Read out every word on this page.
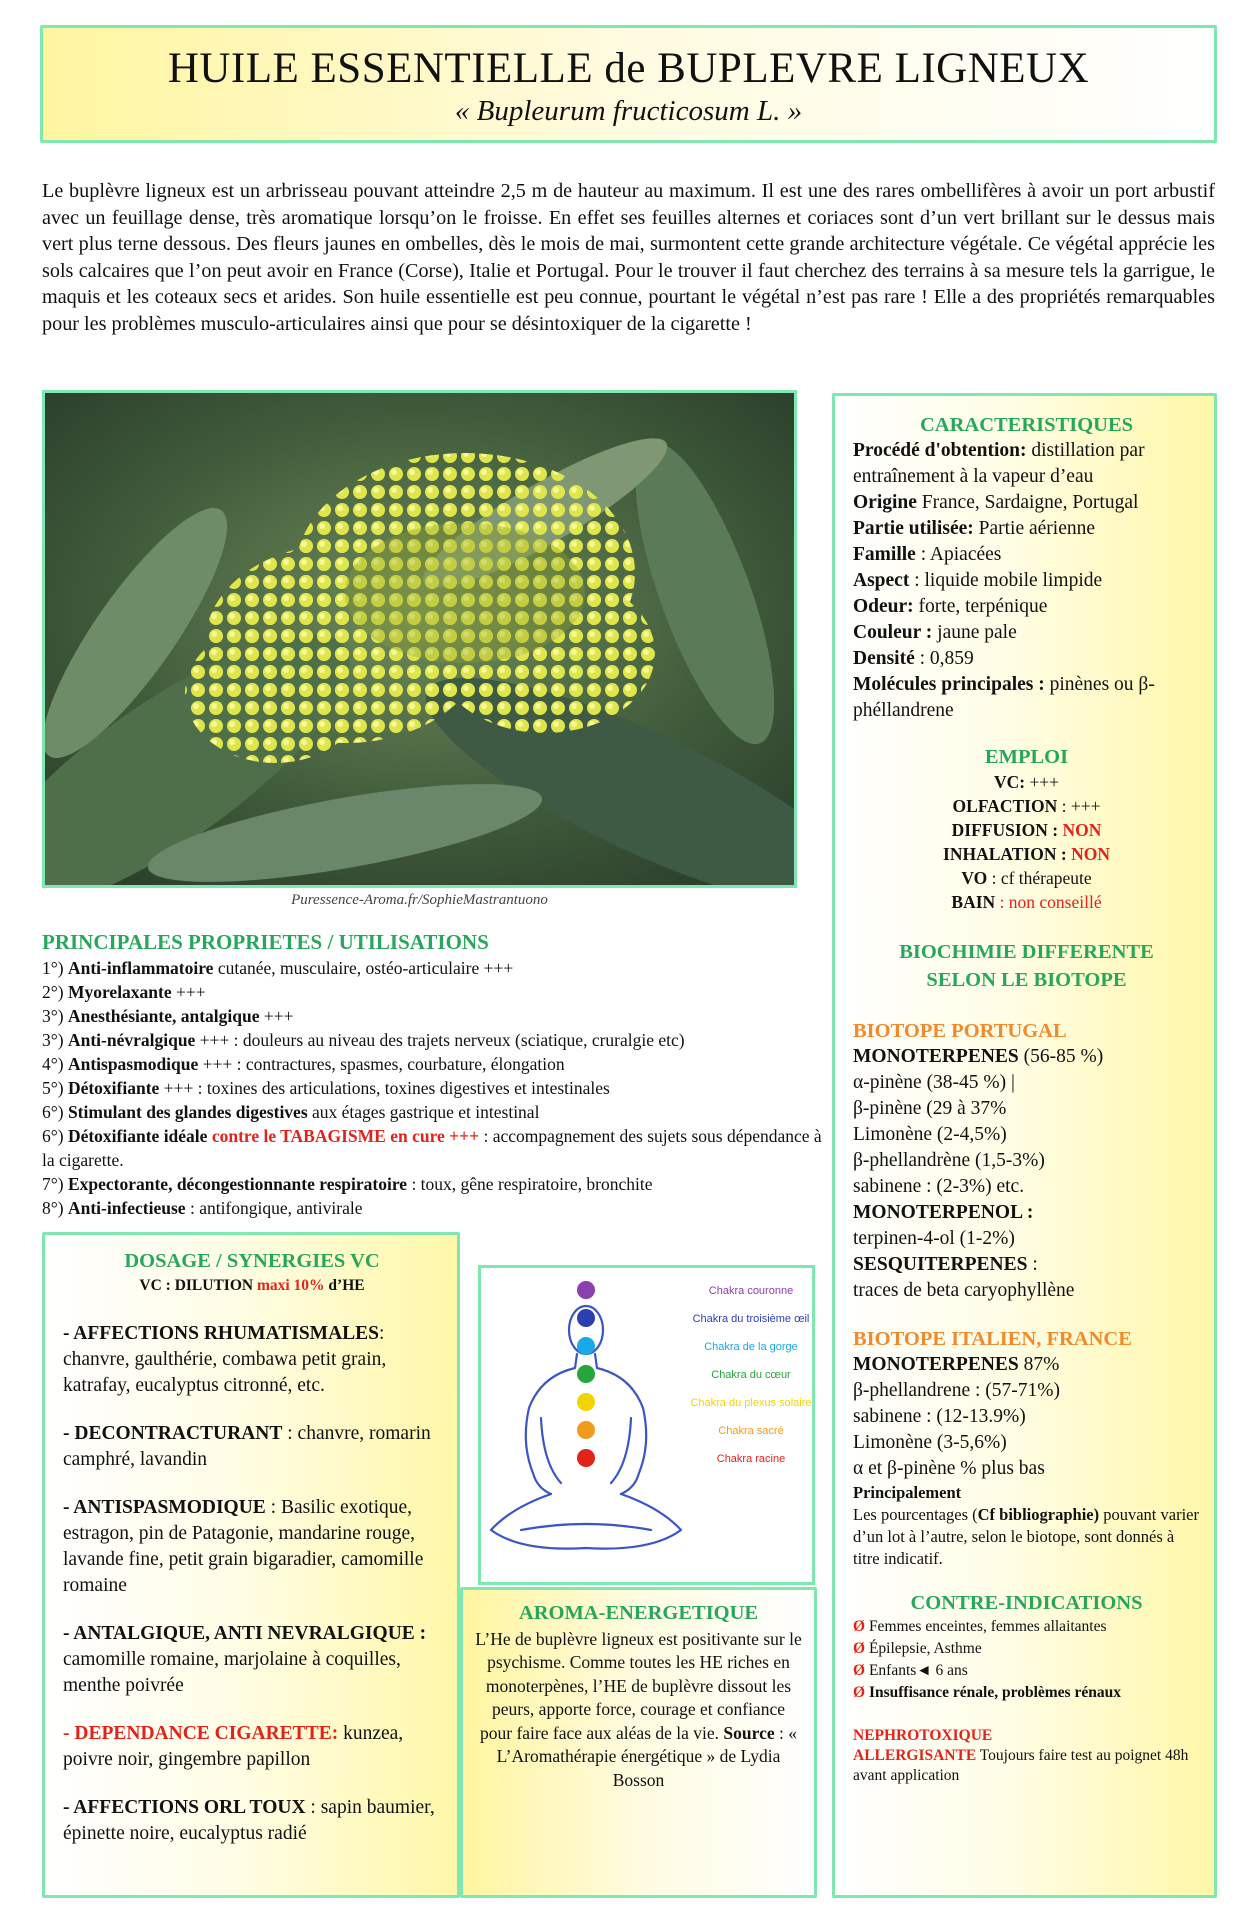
HUILE ESSENTIELLE de BUPLEVRE LIGNEUX
« Bupleurum fructicosum L. »
Le buplèvre ligneux est un arbrisseau pouvant atteindre 2,5 m de hauteur au maximum. Il est une des rares ombellifères à avoir un port arbustif avec un feuillage dense, très aromatique lorsqu’on le froisse. En effet ses feuilles alternes et coriaces sont d’un vert brillant sur le dessus mais vert plus terne dessous. Des fleurs jaunes en ombelles, dès le mois de mai, surmontent cette grande architecture végétale. Ce végétal apprécie les sols calcaires que l’on peut avoir en France (Corse), Italie et Portugal. Pour le trouver il faut cherchez des terrains à sa mesure tels la garrigue, le maquis et les coteaux secs et arides. Son huile essentielle est peu connue, pourtant le végétal n’est pas rare ! Elle a des propriétés remarquables pour les problèmes musculo-articulaires ainsi que pour se désintoxiquer de la cigarette !
Puressence-Aroma.fr/SophieMastrantuono
PRINCIPALES PROPRIETES / UTILISATIONS
1°) Anti-inflammatoire cutanée, musculaire, ostéo-articulaire +++
2°) Myorelaxante +++
3°) Anesthésiante, antalgique +++
3°) Anti-névralgique +++ : douleurs au niveau des trajets nerveux (sciatique, cruralgie etc)
4°) Antispasmodique +++ : contractures, spasmes, courbature, élongation
5°) Détoxifiante +++ : toxines des articulations, toxines digestives et intestinales
6°) Stimulant des glandes digestives aux étages gastrique et intestinal
6°) Détoxifiante idéale contre le TABAGISME en cure +++ : accompagnement des sujets sous dépendance à la cigarette.
7°) Expectorante, décongestionnante respiratoire : toux, gêne respiratoire, bronchite
8°) Anti-infectieuse : antifongique, antivirale
CARACTERISTIQUES
Procédé d'obtention: distillation par entraînement à la vapeur d’eau
Origine France, Sardaigne, Portugal
Partie utilisée: Partie aérienne
Famille : Apiacées
Aspect : liquide mobile limpide
Odeur: forte, terpénique
Couleur : jaune pale
Densité : 0,859
Molécules principales : pinènes ou β-phéllandrene
EMPLOI
VC: +++
OLFACTION : +++
DIFFUSION : NON
INHALATION : NON
VO : cf thérapeute
BAIN : non conseillé
BIOCHIMIE DIFFERENTE
SELON LE BIOTOPE
BIOTOPE PORTUGAL
MONOTERPENES (56-85 %)
α-pinène (38-45 %) |
β-pinène (29 à 37%
Limonène (2-4,5%)
β-phellandrène (1,5-3%)
sabinene : (2-3%) etc.
MONOTERPENOL :
terpinen-4-ol (1-2%)
SESQUITERPENES :
traces de beta caryophyllène
BIOTOPE ITALIEN, FRANCE
MONOTERPENES 87%
β-phellandrene : (57-71%)
sabinene : (12-13.9%)
Limonène (3-5,6%)
α et β-pinène % plus bas
Principalement
Les pourcentages (Cf bibliographie) pouvant varier d’un lot à l’autre, selon le biotope, sont donnés à titre indicatif.
CONTRE-INDICATIONS
Ø Femmes enceintes, femmes allaitantes
Ø Épilepsie, Asthme
Ø Enfants◄ 6 ans
Ø Insuffisance rénale, problèmes rénaux
NEPHROTOXIQUE
ALLERGISANTE Toujours faire test au poignet 48h avant application
DOSAGE / SYNERGIES VC
VC : DILUTION maxi 10% d’HE

- AFFECTIONS RHUMATISMALES: chanvre, gaulthérie, combawa petit grain, katrafay, eucalyptus citronné, etc.

- DECONTRACTURANT : chanvre, romarin camphré, lavandin

- ANTISPASMODIQUE : Basilic exotique, estragon, pin de Patagonie, mandarine rouge, lavande fine, petit grain bigaradier, camomille romaine

- ANTALGIQUE, ANTI NEVRALGIQUE : camomille romaine, marjolaine à coquilles, menthe poivrée

- DEPENDANCE CIGARETTE: kunzea, poivre noir, gingembre papillon

- AFFECTIONS ORL TOUX : sapin baumier, épinette noire, eucalyptus radié

Chakra couronne
Chakra du troisième œil
Chakra de la gorge
Chakra du cœur
Chakra du plexus solaire
Chakra sacré
Chakra racine
AROMA-ENERGETIQUE
L’He de buplèvre ligneux est positivante sur le psychisme. Comme toutes les HE riches en monoterpènes, l’HE de buplèvre dissout les peurs, apporte force, courage et confiance pour faire face aux aléas de la vie. Source : « L’Aromathérapie énergétique » de Lydia Bosson
